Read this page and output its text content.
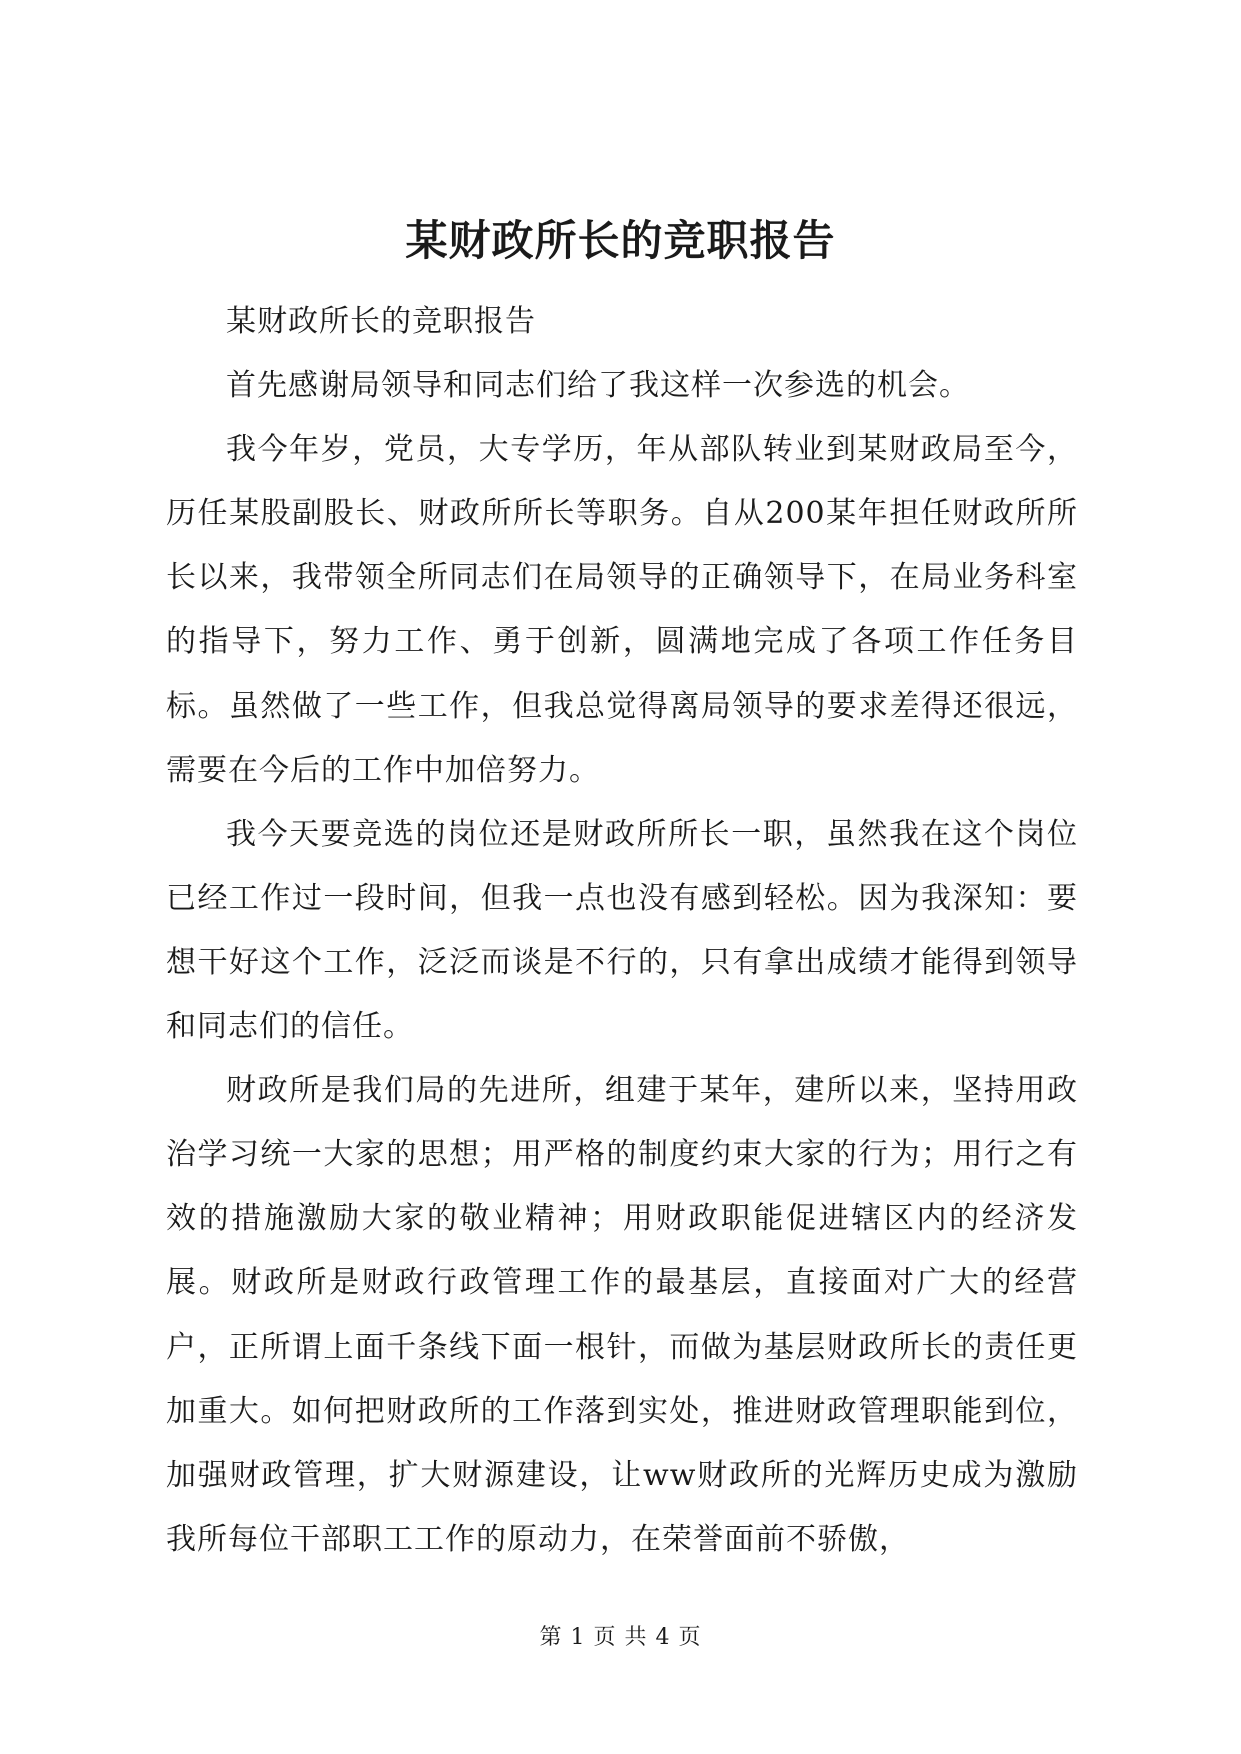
某财政所长的竞职报告

某财政所长的竞职报告

首先感谢局领导和同志们给了我这样一次参选的机会。

我今年岁，党员，大专学历，年从部队转业到某财政局至今，历任某股副股长、财政所所长等职务。自从200某年担任财政所所长以来，我带领全所同志们在局领导的正确领导下，在局业务科室的指导下，努力工作、勇于创新，圆满地完成了各项工作任务目标。虽然做了一些工作，但我总觉得离局领导的要求差得还很远，需要在今后的工作中加倍努力。

我今天要竞选的岗位还是财政所所长一职，虽然我在这个岗位已经工作过一段时间，但我一点也没有感到轻松。因为我深知：要想干好这个工作，泛泛而谈是不行的，只有拿出成绩才能得到领导和同志们的信任。

财政所是我们局的先进所，组建于某年，建所以来，坚持用政治学习统一大家的思想；用严格的制度约束大家的行为；用行之有效的措施激励大家的敬业精神；用财政职能促进辖区内的经济发展。财政所是财政行政管理工作的最基层，直接面对广大的经营户，正所谓上面千条线下面一根针，而做为基层财政所长的责任更加重大。如何把财政所的工作落到实处，推进财政管理职能到位，加强财政管理，扩大财源建设，让ww财政所的光辉历史成为激励我所每位干部职工工作的原动力，在荣誉面前不骄傲，

第 1 页 共 4 页
